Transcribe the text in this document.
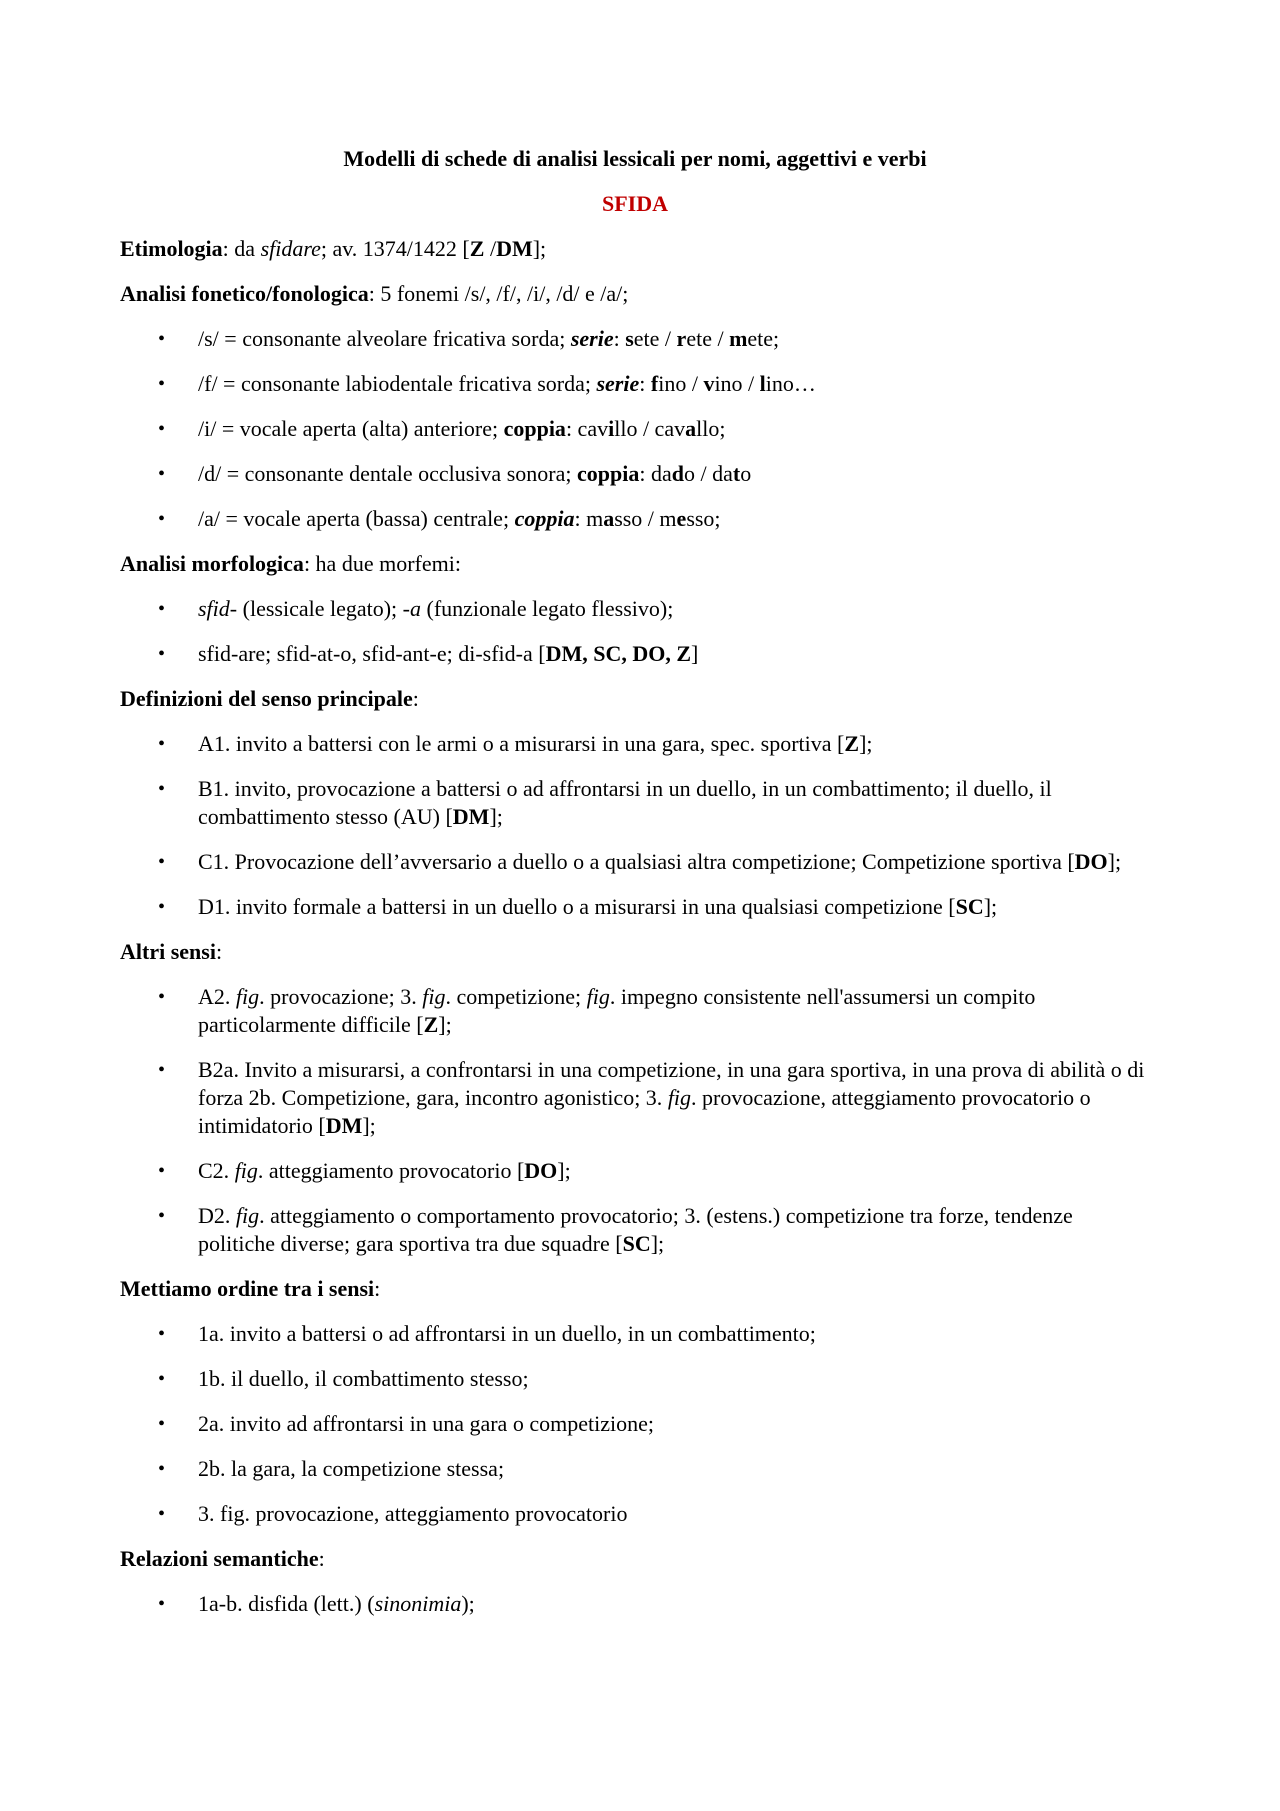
Modelli di schede di analisi lessicali per nomi, aggettivi e verbi

SFIDA
Etimologia: da sfidare; av. 1374/1422 [Z /DM];
Analisi fonetico/fonologica: 5 fonemi /s/, /f/, /i/, /d/ e /a/;
• /s/ = consonante alveolare fricativa sorda; serie: sete / rete / mete;
• /f/ = consonante labiodentale fricativa sorda; serie: fino / vino / lino…
• /i/ = vocale aperta (alta) anteriore; coppia: cavillo / cavallo;
• /d/ = consonante dentale occlusiva sonora; coppia: dado / dato
• /a/ = vocale aperta (bassa) centrale; coppia: masso / messo;
Analisi morfologica: ha due morfemi:
• sfid- (lessicale legato); -a (funzionale legato flessivo);
• sfid-are; sfid-at-o, sfid-ant-e; di-sfid-a [DM, SC, DO, Z]
Definizioni del senso principale:
• A1. invito a battersi con le armi o a misurarsi in una gara, spec. sportiva [Z];
• B1. invito, provocazione a battersi o ad affrontarsi in un duello, in un combattimento; il duello, il combattimento stesso (AU) [DM];
• C1. Provocazione dell’avversario a duello o a qualsiasi altra competizione; Competizione sportiva [DO];
• D1. invito formale a battersi in un duello o a misurarsi in una qualsiasi competizione [SC];
Altri sensi:
• A2. fig. provocazione; 3. fig. competizione; fig. impegno consistente nell'assumersi un compito particolarmente difficile [Z];
• B2a. Invito a misurarsi, a confrontarsi in una competizione, in una gara sportiva, in una prova di abilità o di forza 2b. Competizione, gara, incontro agonistico; 3. fig. provocazione, atteggiamento provocatorio o intimidatorio [DM];
• C2. fig. atteggiamento provocatorio [DO];
• D2. fig. atteggiamento o comportamento provocatorio; 3. (estens.) competizione tra forze, tendenze politiche diverse; gara sportiva tra due squadre [SC];
Mettiamo ordine tra i sensi:
• 1a. invito a battersi o ad affrontarsi in un duello, in un combattimento;
• 1b. il duello, il combattimento stesso;
• 2a. invito ad affrontarsi in una gara o competizione;
• 2b. la gara, la competizione stessa;
• 3. fig. provocazione, atteggiamento provocatorio
Relazioni semantiche:
• 1a-b. disfida (lett.) (sinonimia);
